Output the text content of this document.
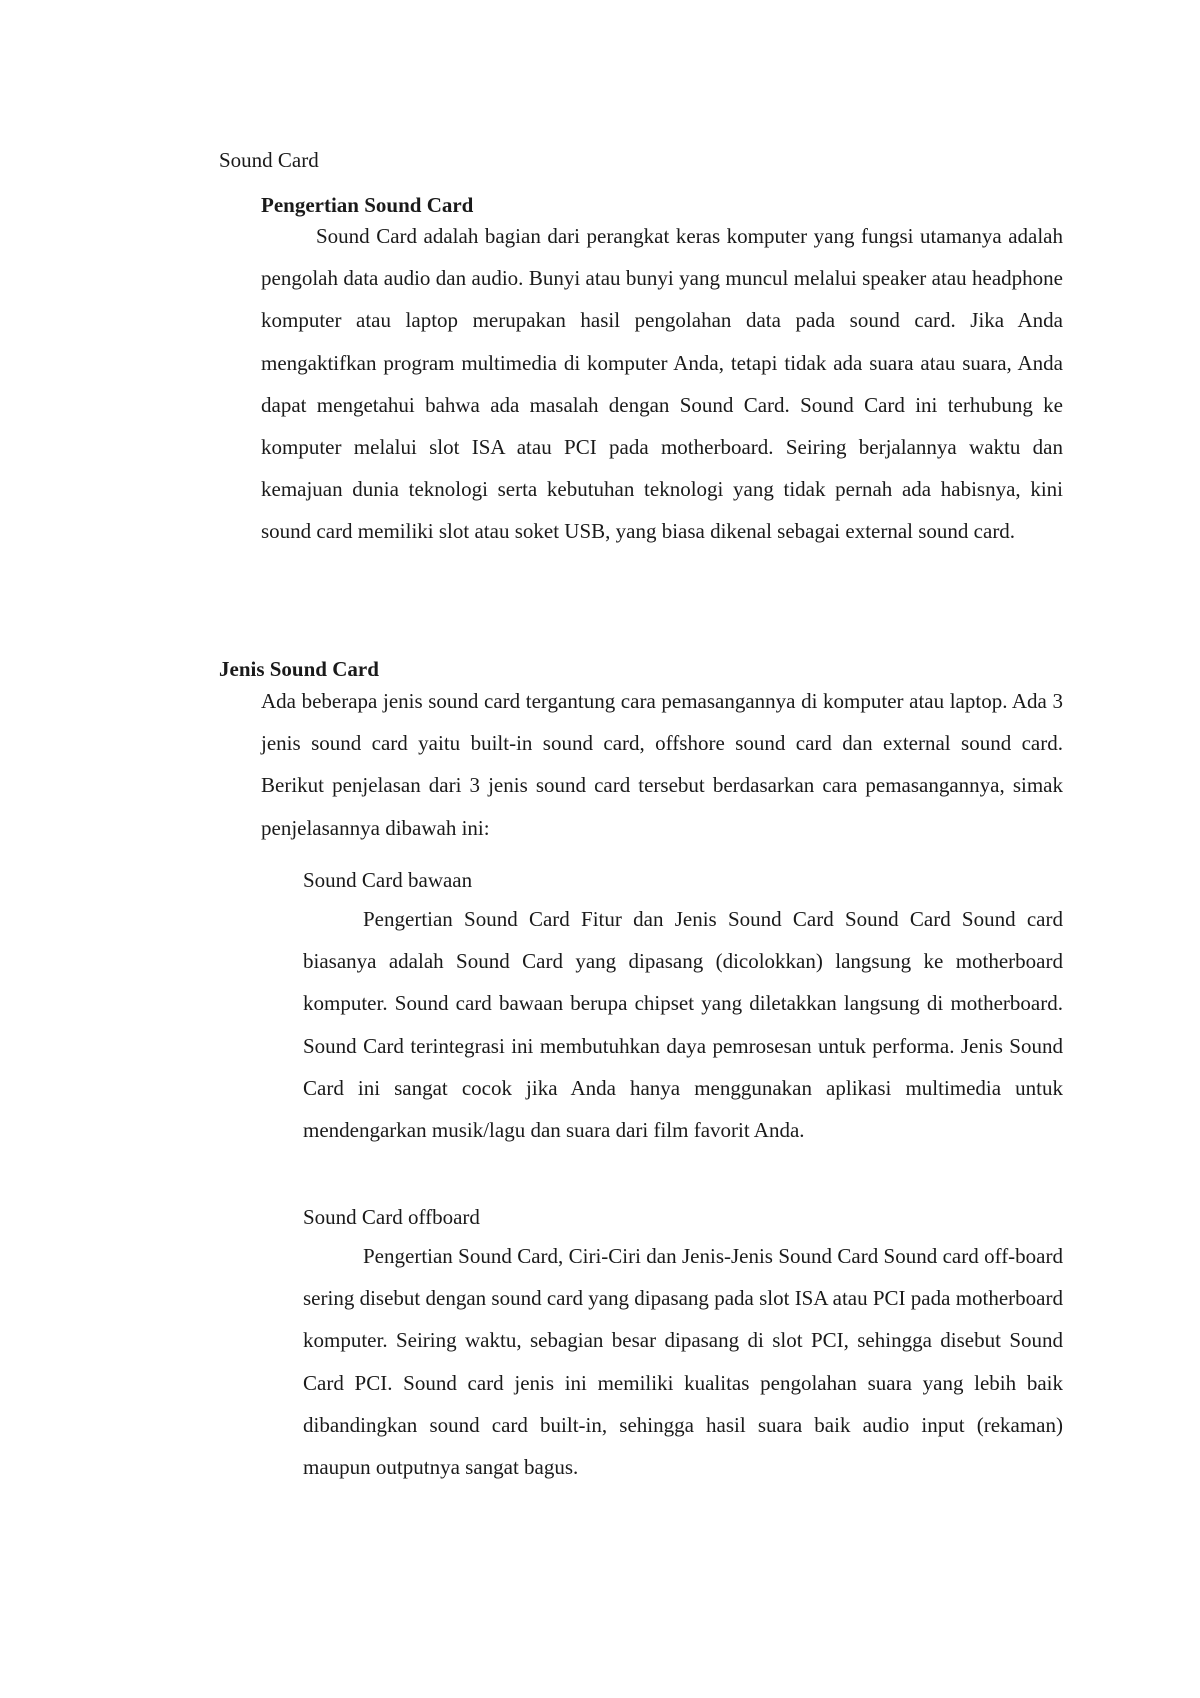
Sound Card
Pengertian Sound Card

Sound Card adalah bagian dari perangkat keras komputer yang fungsi utamanya adalah pengolah data audio dan audio. Bunyi atau bunyi yang muncul melalui speaker atau headphone komputer atau laptop merupakan hasil pengolahan data pada sound card. Jika Anda mengaktifkan program multimedia di komputer Anda, tetapi tidak ada suara atau suara, Anda dapat mengetahui bahwa ada masalah dengan Sound Card. Sound Card ini terhubung ke komputer melalui slot ISA atau PCI pada motherboard. Seiring berjalannya waktu dan kemajuan dunia teknologi serta kebutuhan teknologi yang tidak pernah ada habisnya, kini sound card memiliki slot atau soket USB, yang biasa dikenal sebagai external sound card.

Jenis Sound Card

Ada beberapa jenis sound card tergantung cara pemasangannya di komputer atau laptop. Ada 3 jenis sound card yaitu built-in sound card, offshore sound card dan external sound card. Berikut penjelasan dari 3 jenis sound card tersebut berdasarkan cara pemasangannya, simak penjelasannya dibawah ini:

Sound Card bawaan

Pengertian Sound Card Fitur dan Jenis Sound Card Sound Card Sound card biasanya adalah Sound Card yang dipasang (dicolokkan) langsung ke motherboard komputer. Sound card bawaan berupa chipset yang diletakkan langsung di motherboard. Sound Card terintegrasi ini membutuhkan daya pemrosesan untuk performa. Jenis Sound Card ini sangat cocok jika Anda hanya menggunakan aplikasi multimedia untuk mendengarkan musik/lagu dan suara dari film favorit Anda.

Sound Card offboard

Pengertian Sound Card, Ciri-Ciri dan Jenis-Jenis Sound Card Sound card off-board sering disebut dengan sound card yang dipasang pada slot ISA atau PCI pada motherboard komputer. Seiring waktu, sebagian besar dipasang di slot PCI, sehingga disebut Sound Card PCI. Sound card jenis ini memiliki kualitas pengolahan suara yang lebih baik dibandingkan sound card built-in, sehingga hasil suara baik audio input (rekaman) maupun outputnya sangat bagus.
